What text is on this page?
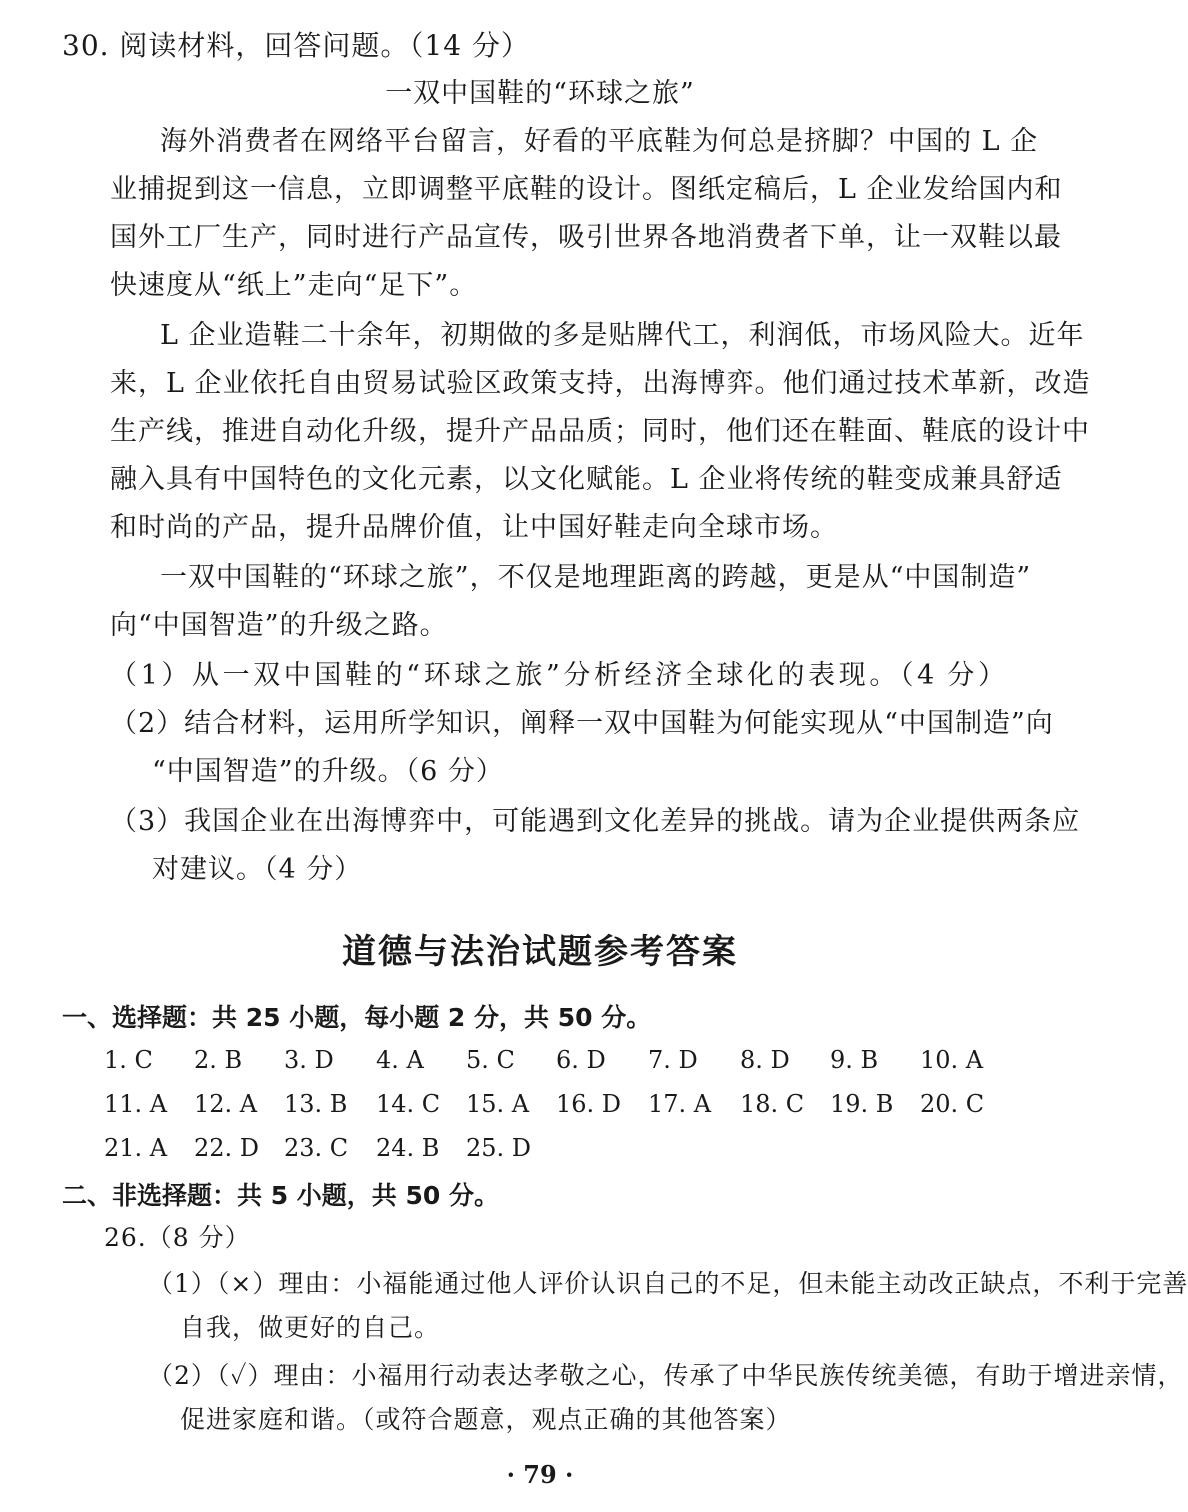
30. 阅读材料，回答问题。（14 分）
一双中国鞋的“环球之旅”
海外消费者在网络平台留言，好看的平底鞋为何总是挤脚？中国的 L 企
业捕捉到这一信息，立即调整平底鞋的设计。图纸定稿后，L 企业发给国内和
国外工厂生产，同时进行产品宣传，吸引世界各地消费者下单，让一双鞋以最
快速度从“纸上”走向“足下”。
L 企业造鞋二十余年，初期做的多是贴牌代工，利润低，市场风险大。近年
来，L 企业依托自由贸易试验区政策支持，出海博弈。他们通过技术革新，改造
生产线，推进自动化升级，提升产品品质；同时，他们还在鞋面、鞋底的设计中
融入具有中国特色的文化元素，以文化赋能。L 企业将传统的鞋变成兼具舒适
和时尚的产品，提升品牌价值，让中国好鞋走向全球市场。
一双中国鞋的“环球之旅”，不仅是地理距离的跨越，更是从“中国制造”
向“中国智造”的升级之路。
（1）从一双中国鞋的“环球之旅”分析经济全球化的表现。（4 分）
（2）结合材料，运用所学知识，阐释一双中国鞋为何能实现从“中国制造”向
“中国智造”的升级。（6 分）
（3）我国企业在出海博弈中，可能遇到文化差异的挑战。请为企业提供两条应
对建议。（4 分）
道德与法治试题参考答案
一、选择题：共 25 小题，每小题 2 分，共 50 分。
1. C 2. B 3. D 4. A 5. C 6. D 7. D 8. D 9. B 10. A
11. A 12. A 13. B 14. C 15. A 16. D 17. A 18. C 19. B 20. C
21. A 22. D 23. C 24. B 25. D
二、非选择题：共 5 小题，共 50 分。
26.（8 分）
（1）（×）理由：小福能通过他人评价认识自己的不足，但未能主动改正缺点，不利于完善
自我，做更好的自己。
（2）（✓）理由：小福用行动表达孝敬之心，传承了中华民族传统美德，有助于增进亲情，
促进家庭和谐。（或符合题意，观点正确的其他答案）
· 79 ·
